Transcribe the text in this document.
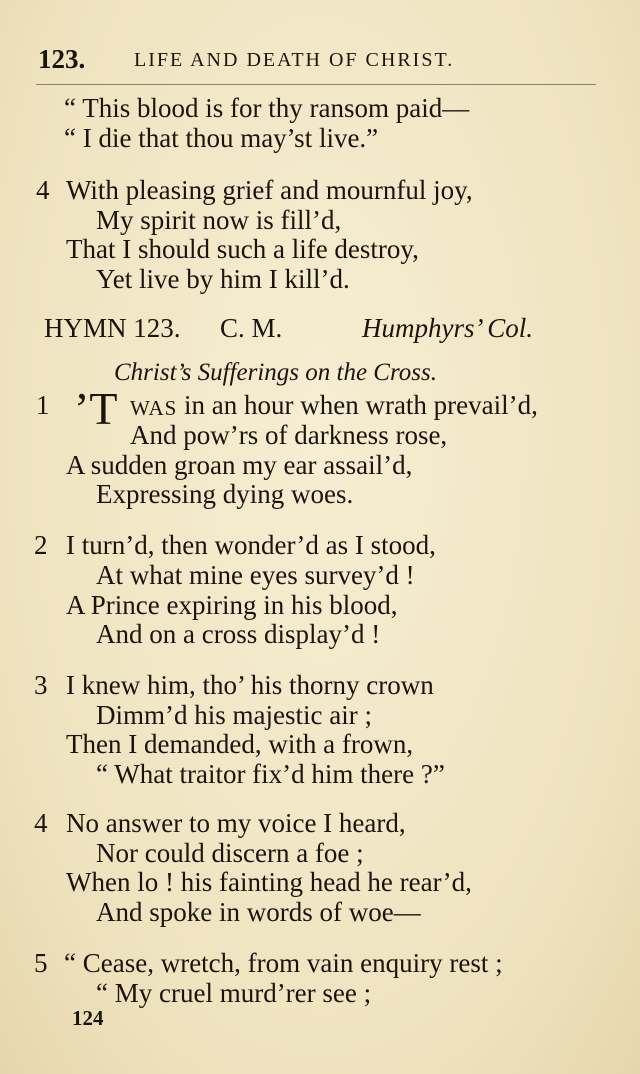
123. LIFE AND DEATH OF CHRIST.
“ This blood is for thy ransom paid—
“ I die that thou may’st live.”
4 With pleasing grief and mournful joy,
My spirit now is fill’d,
That I should such a life destroy,
Yet live by him I kill’d.
HYMN 123. C. M.	Humphyrs’ Col.
Christ’s Sufferings on the Cross.
1 ’T WAS in an hour when wrath prevail’d,
And pow’rs of darkness rose,
A sudden groan my ear assail’d,
Expressing dying woes.
2 I turn’d, then wonder’d as I stood,
At what mine eyes survey’d !
A Prince expiring in his blood,
And on a cross display’d !
3 I knew him, tho’ his thorny crown
Dimm’d his majestic air ;
Then I demanded, with a frown,
“ What traitor fix’d him there ?”
4 No answer to my voice I heard,
Nor could discern a foe ;
When lo ! his fainting head he rear’d,
And spoke in words of woe—
5 “ Cease, wretch, from vain enquiry rest ;
“ My cruel murd’rer see ;
124
